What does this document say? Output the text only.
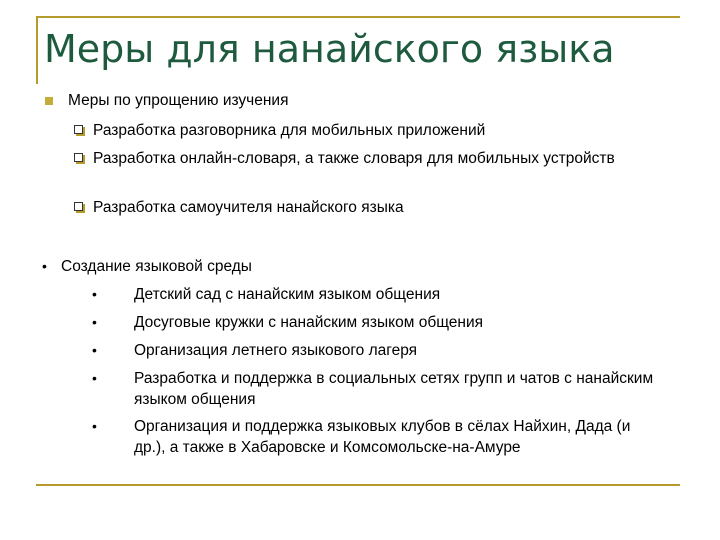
Меры для нанайского языка
Меры по упрощению изучения
Разработка разговорника для мобильных приложений
Разработка онлайн-словаря, а также словаря для мобильных устройств
Разработка самоучителя нанайского языка
• Создание языковой среды
• Детский сад с нанайским языком общения
• Досуговые кружки с нанайским языком общения
• Организация летнего языкового лагеря
• Разработка и поддержка в социальных сетях групп и чатов с нанайским языком общения
• Организация и поддержка языковых клубов в сёлах Найхин, Дада (и др.), а также в Хабаровске и Комсомольске-на-Амуре
